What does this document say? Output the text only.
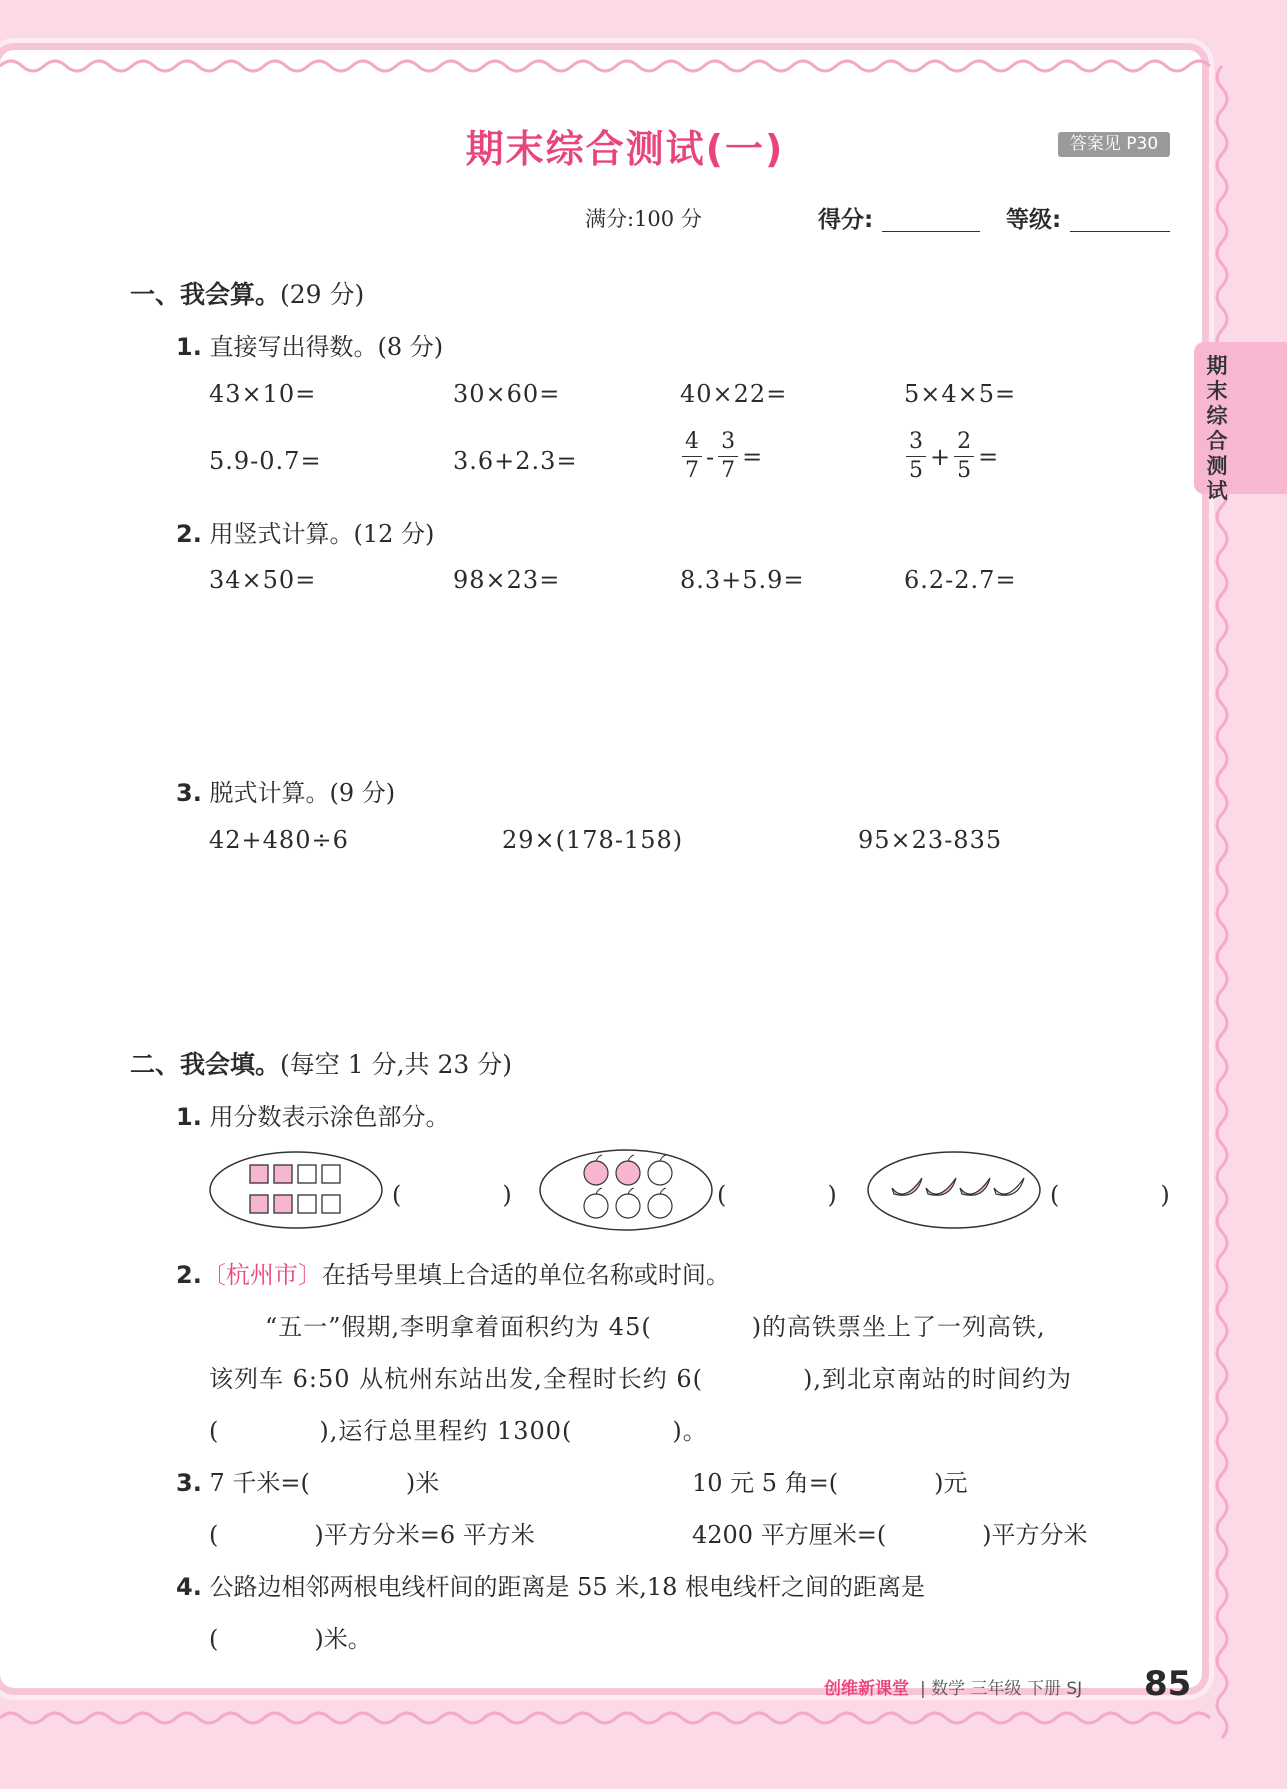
期末综合测试(一)	答案见 P30
满分:100 分	得分:	等级:
期末综合测试
一、我会算。(29 分)
1. 直接写出得数。(8 分)
43×10=	30×60=	40×22=	5×4×5=
5.9-0.7=	3.6+2.3=	$\frac{4}{7} - \frac{3}{7}$ =	$\frac{3}{5} + \frac{2}{5}$ =
2. 用竖式计算。(12 分)
34×50=	98×23=	8.3+5.9=	6.2-2.7=
3. 脱式计算。(9 分)
42+480÷6	29×(178-158)	95×23-835
二、我会填。(每空 1 分,共 23 分)
1. 用分数表示涂色部分。
(　　　　)	(　　　　)	(　　　　)
2.〔杭州市〕在括号里填上合适的单位名称或时间。
“五一”假期,李明拿着面积约为 45(　　　　)的高铁票坐上了一列高铁,
该列车 6:50 从杭州东站出发,全程时长约 6(　　　　),到北京南站的时间约为
(　　　　),运行总里程约 1300(　　　　)。
3. 7 千米=(　　　　)米	10 元 5 角=(　　　　)元
(　　　　)平方分米=6 平方米	4200 平方厘米=(　　　　)平方分米
4. 公路边相邻两根电线杆间的距离是 55 米,18 根电线杆之间的距离是
(　　　　)米。
创维新课堂 | 数学 三年级 下册 SJ 85
